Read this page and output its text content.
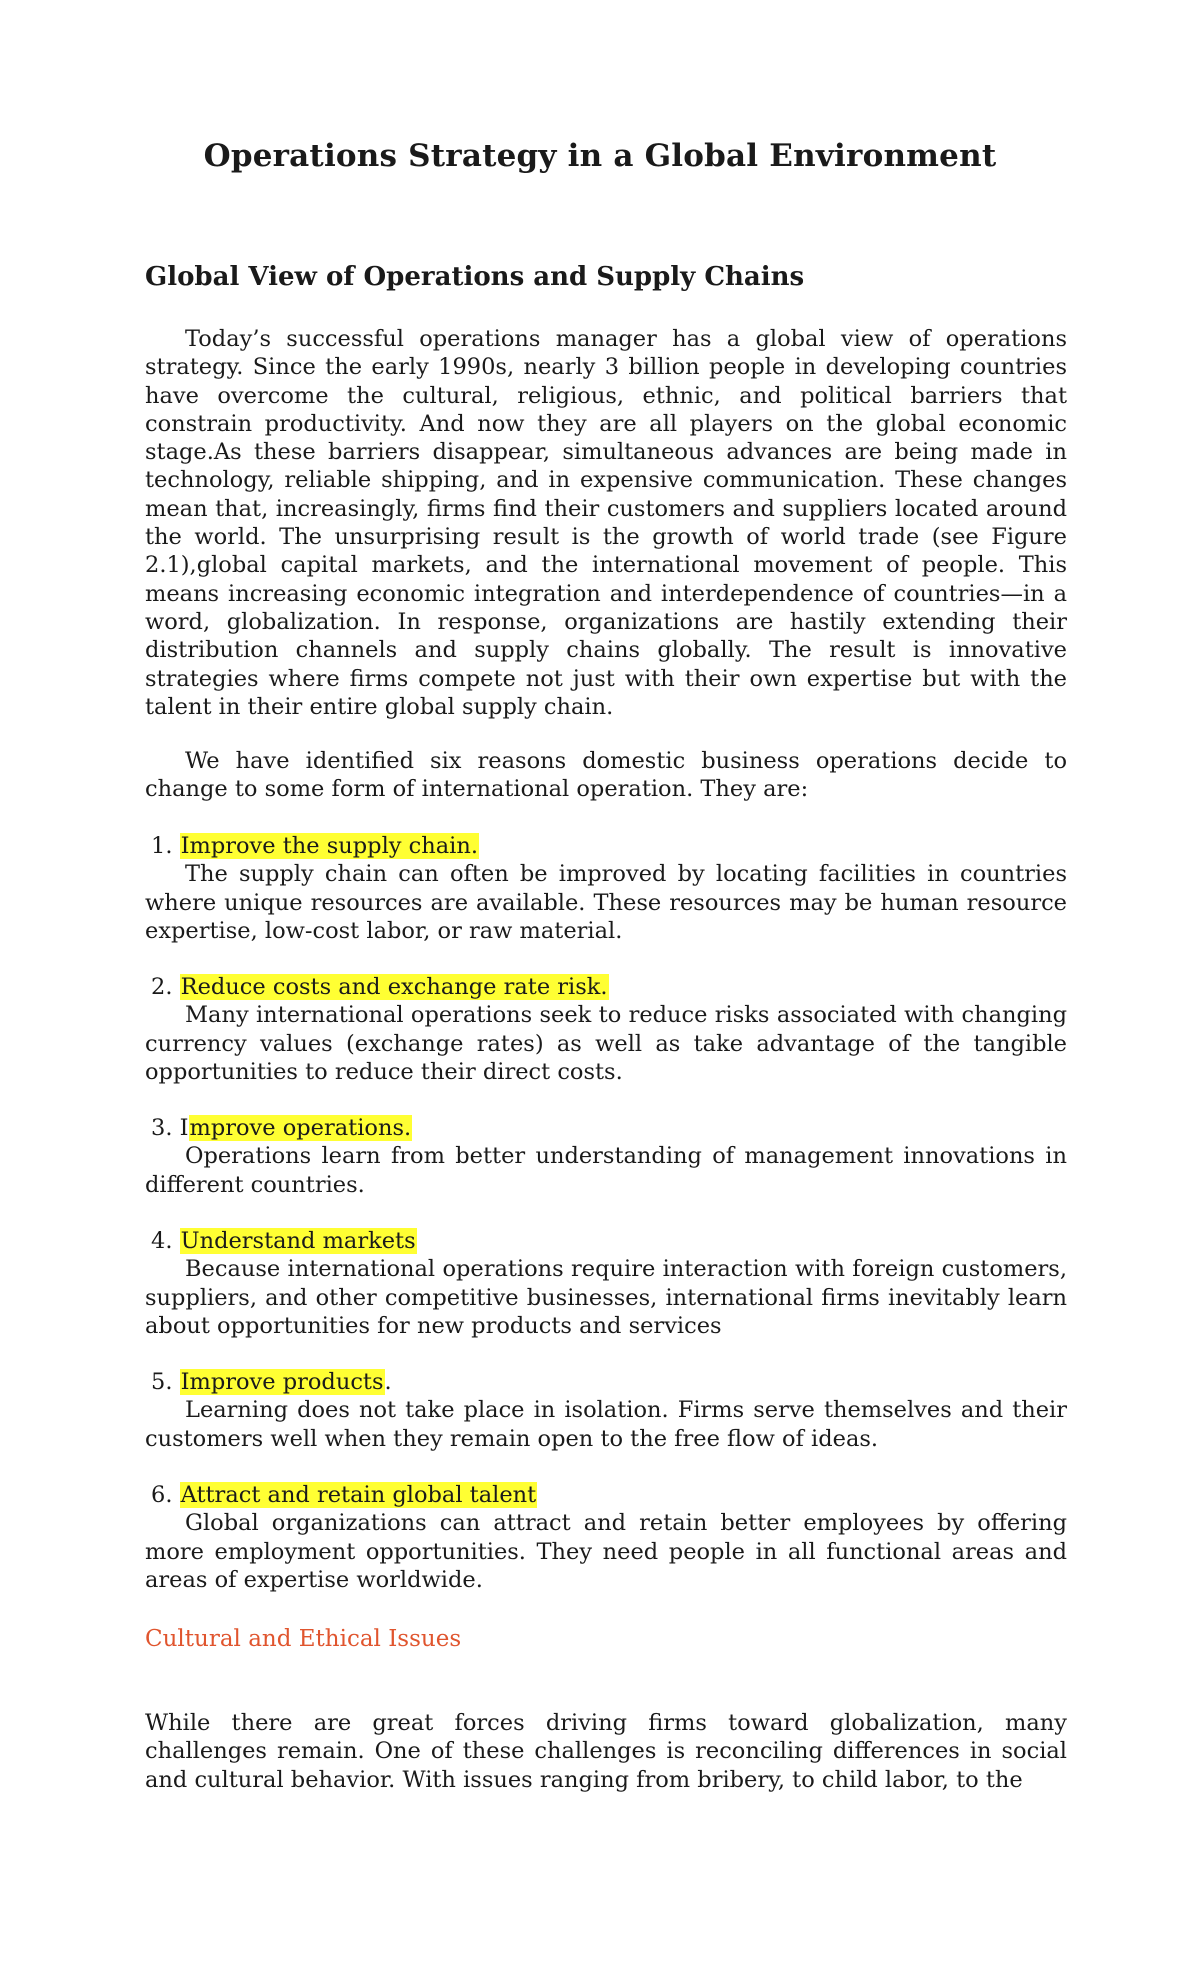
Operations Strategy in a Global Environment
Global View of Operations and Supply Chains

Today’s successful operations manager has a global view of operations strategy. Since the early 1990s, nearly 3 billion people in developing countries have overcome the cultural, religious, ethnic, and political barriers that constrain productivity. And now they are all players on the global economic stage.As these barriers disappear, simultaneous advances are being made in technology, reliable shipping, and in expensive communication. These changes mean that, increasingly, firms find their customers and suppliers located around the world. The unsurprising result is the growth of world trade (see Figure 2.1),global capital markets, and the international movement of people. This means increasing economic integration and interdependence of countries—in a word, globalization. In response, organizations are hastily extending their distribution channels and supply chains globally. The result is innovative strategies where firms compete not just with their own expertise but with the talent in their entire global supply chain.

We have identified six reasons domestic business operations decide to change to some form of international operation. They are:

1. Improve the supply chain.
The supply chain can often be improved by locating facilities in countries where unique resources are available. These resources may be human resource expertise, low-cost labor, or raw material.
2. Reduce costs and exchange rate risk.
Many international operations seek to reduce risks associated with changing currency values (exchange rates) as well as take advantage of the tangible opportunities to reduce their direct costs.
3. Improve operations.
Operations learn from better understanding of management innovations in different countries.
4. Understand markets
Because international operations require interaction with foreign customers, suppliers, and other competitive businesses, international firms inevitably learn about opportunities for new products and services
5. Improve products.
Learning does not take place in isolation. Firms serve themselves and their customers well when they remain open to the free flow of ideas.
6. Attract and retain global talent
Global organizations can attract and retain better employees by offering more employment opportunities. They need people in all functional areas and areas of expertise worldwide.
Cultural and Ethical Issues

While there are great forces driving firms toward globalization, many challenges remain. One of these challenges is reconciling differences in social and cultural behavior. With issues ranging from bribery, to child labor, to the
